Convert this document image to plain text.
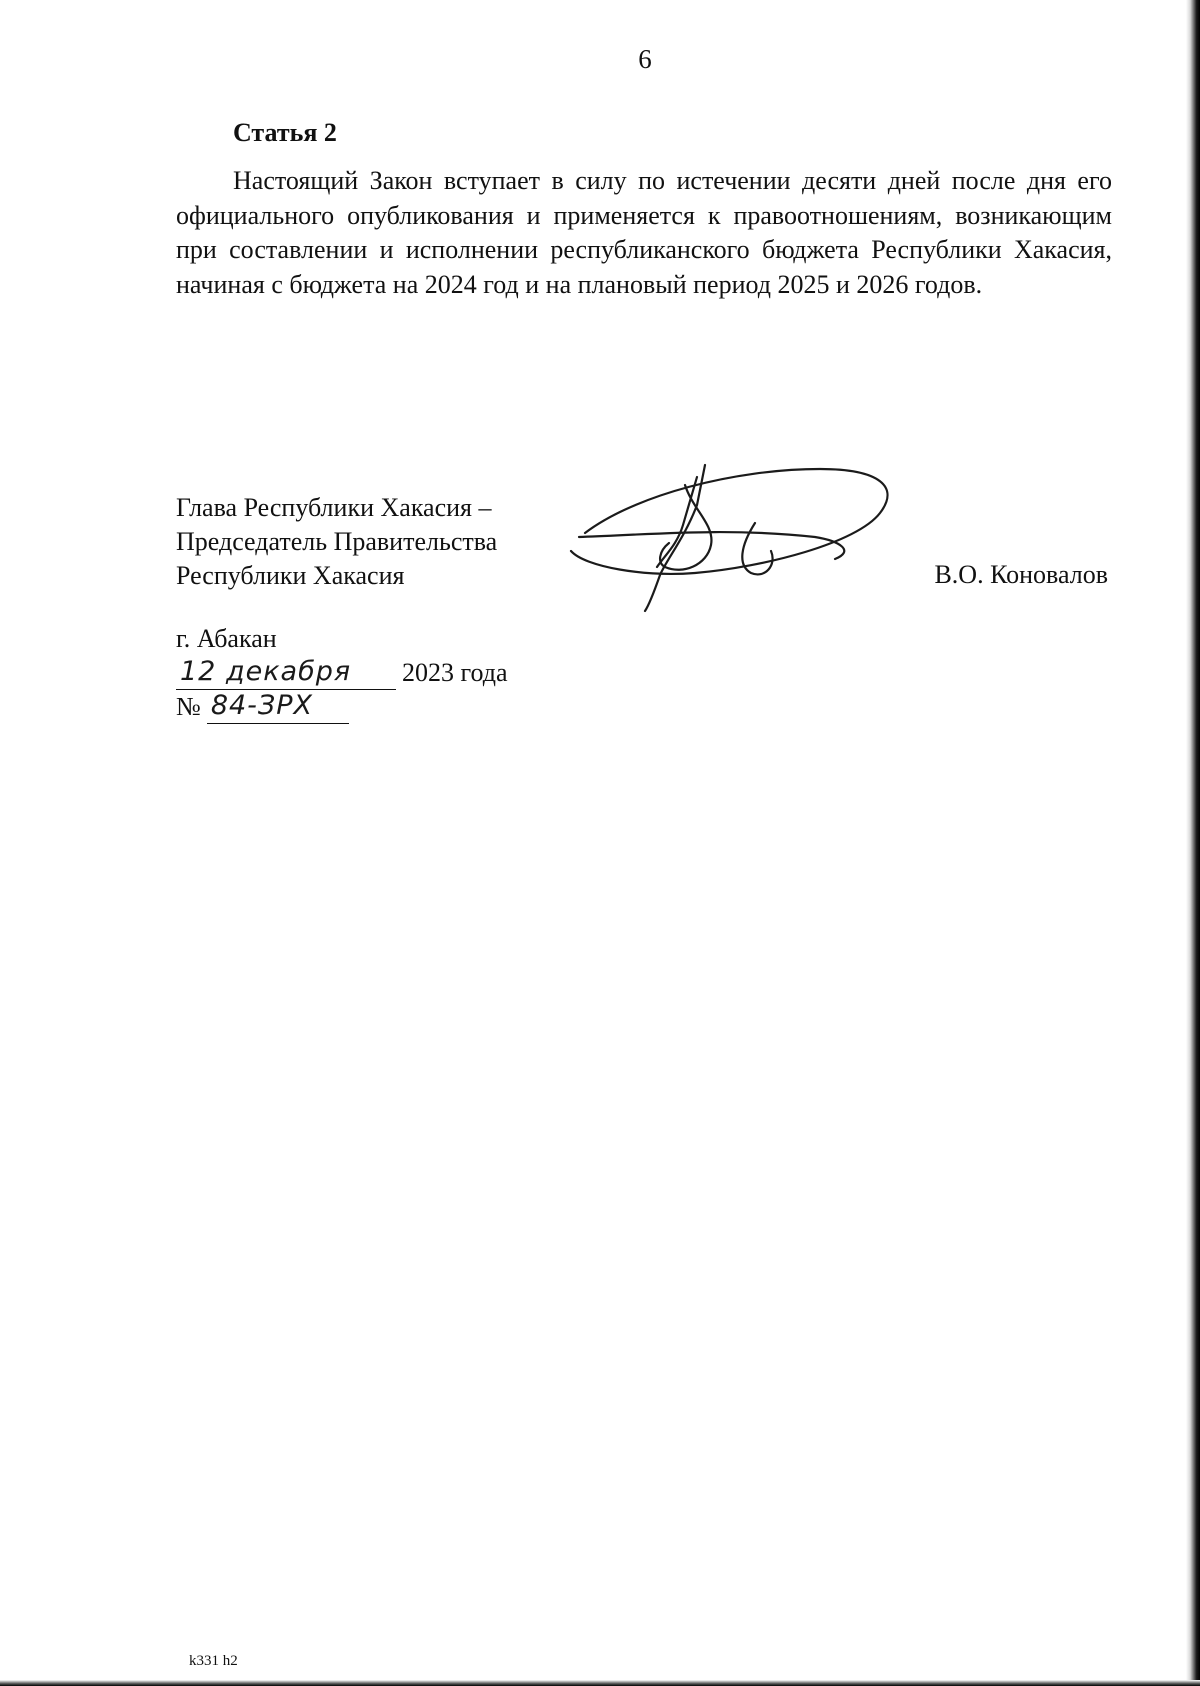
6
Статья 2

Настоящий Закон вступает в силу по истечении десяти дней после дня его официального опубликования и применяется к правоотношениям, возникающим при составлении и исполнении республиканского бюджета Республики Хакасия, начиная с бюджета на 2024 год и на плановый период 2025 и 2026 годов.

Глава Республики Хакасия –
Председатель Правительства
Республики Хакасия	В.О. Коновалов
г. Абакан
12 декабря 2023 года
№ 84-ЗРХ
k331 h2
